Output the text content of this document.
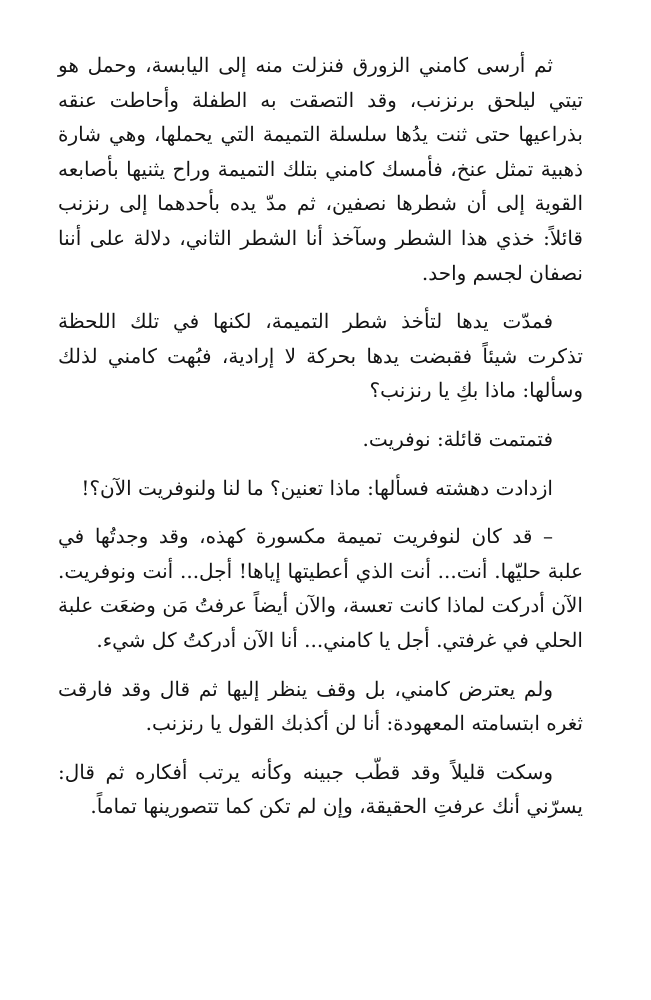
ثم أرسى كامني الزورق فنزلت منه إلى اليابسة، وحمل هو تيتي ليلحق برنزنب، وقد التصقت به الطفلة وأحاطت عنقه بذراعيها حتى ثنت يدُها سلسلة التميمة التي يحملها، وهي شارة ذهبية تمثل عنخ، فأمسك كامني بتلك التميمة وراح يثنيها بأصابعه القوية إلى أن شطرها نصفين، ثم مدّ يده بأحدهما إلى رنزنب قائلاً: خذي هذا الشطر وسآخذ أنا الشطر الثاني، دلالة على أننا نصفان لجسم واحد.

فمدّت يدها لتأخذ شطر التميمة، لكنها في تلك اللحظة تذكرت شيئاً فقبضت يدها بحركة لا إرادية، فبُهت كامني لذلك وسألها: ماذا بكِ يا رنزنب؟

فتمتمت قائلة: نوفريت.

ازدادت دهشته فسألها: ماذا تعنين؟ ما لنا ولنوفريت الآن؟!

– قد كان لنوفريت تميمة مكسورة كهذه، وقد وجدتُها في علبة حليّها. أنت... أنت الذي أعطيتها إياها! أجل... أنت ونوفريت. الآن أدركت لماذا كانت تعسة، والآن أيضاً عرفتُ مَن وضعَت علبة الحلي في غرفتي. أجل يا كامني... أنا الآن أدركتُ كل شيء.

ولم يعترض كامني، بل وقف ينظر إليها ثم قال وقد فارقت ثغره ابتسامته المعهودة: أنا لن أكذبك القول يا رنزنب.

وسكت قليلاً وقد قطّب جبينه وكأنه يرتب أفكاره ثم قال: يسرّني أنك عرفتِ الحقيقة، وإن لم تكن كما تتصورينها تماماً.
